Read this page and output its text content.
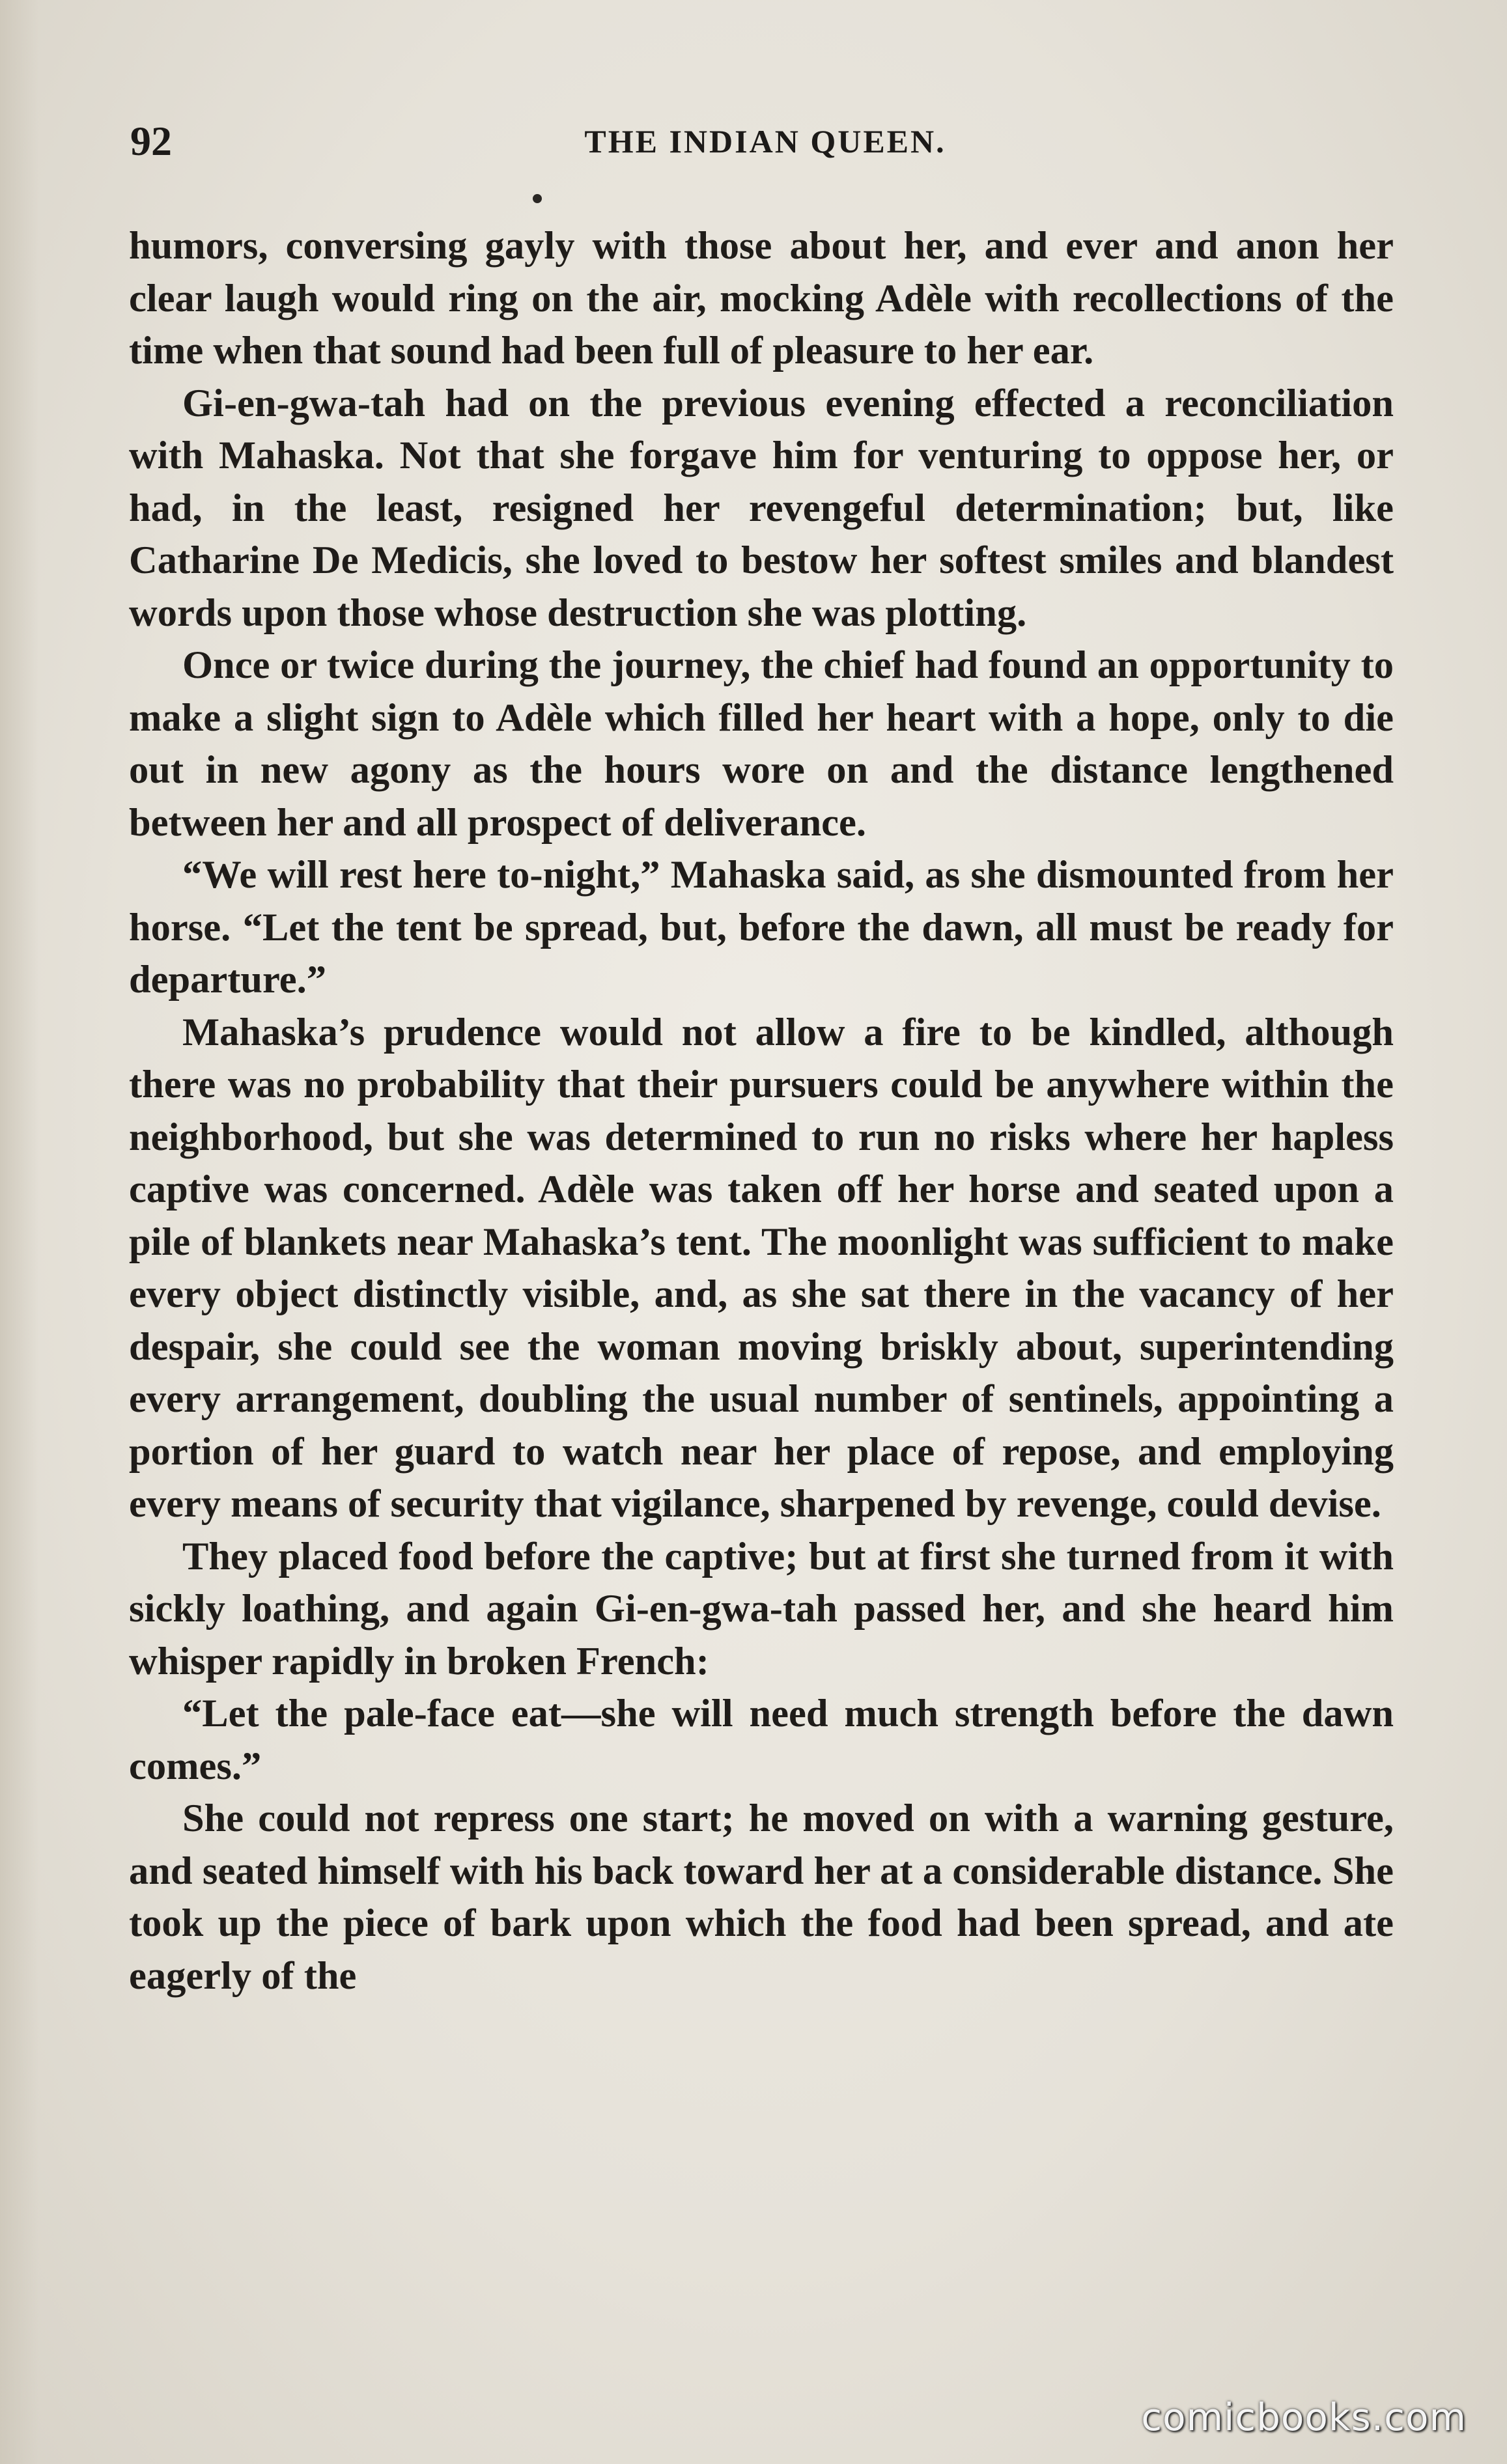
92	THE INDIAN QUEEN.

humors, conversing gayly with those about her, and ever and anon her clear laugh would ring on the air, mocking Adèle with recollections of the time when that sound had been full of pleasure to her ear.

Gi-en-gwa-tah had on the previous evening effected a reconciliation with Mahaska. Not that she forgave him for venturing to oppose her, or had, in the least, resigned her revengeful determination; but, like Catharine De Medicis, she loved to bestow her softest smiles and blandest words upon those whose destruction she was plotting.

Once or twice during the journey, the chief had found an opportunity to make a slight sign to Adèle which filled her heart with a hope, only to die out in new agony as the hours wore on and the distance lengthened between her and all prospect of deliverance.

“We will rest here to-night,” Mahaska said, as she dismounted from her horse. “Let the tent be spread, but, before the dawn, all must be ready for departure.”

Mahaska’s prudence would not allow a fire to be kindled, although there was no probability that their pursuers could be anywhere within the neighborhood, but she was determined to run no risks where her hapless captive was concerned. Adèle was taken off her horse and seated upon a pile of blankets near Mahaska’s tent. The moonlight was sufficient to make every object distinctly visible, and, as she sat there in the vacancy of her despair, she could see the woman moving briskly about, superintending every arrangement, doubling the usual number of sentinels, appointing a portion of her guard to watch near her place of repose, and employing every means of security that vigilance, sharpened by revenge, could devise.

They placed food before the captive; but at first she turned from it with sickly loathing, and again Gi-en-gwa-tah passed her, and she heard him whisper rapidly in broken French:

“Let the pale-face eat—she will need much strength before the dawn comes.”

She could not repress one start; he moved on with a warning gesture, and seated himself with his back toward her at a considerable distance. She took up the piece of bark upon which the food had been spread, and ate eagerly of the

comicbooks.com
